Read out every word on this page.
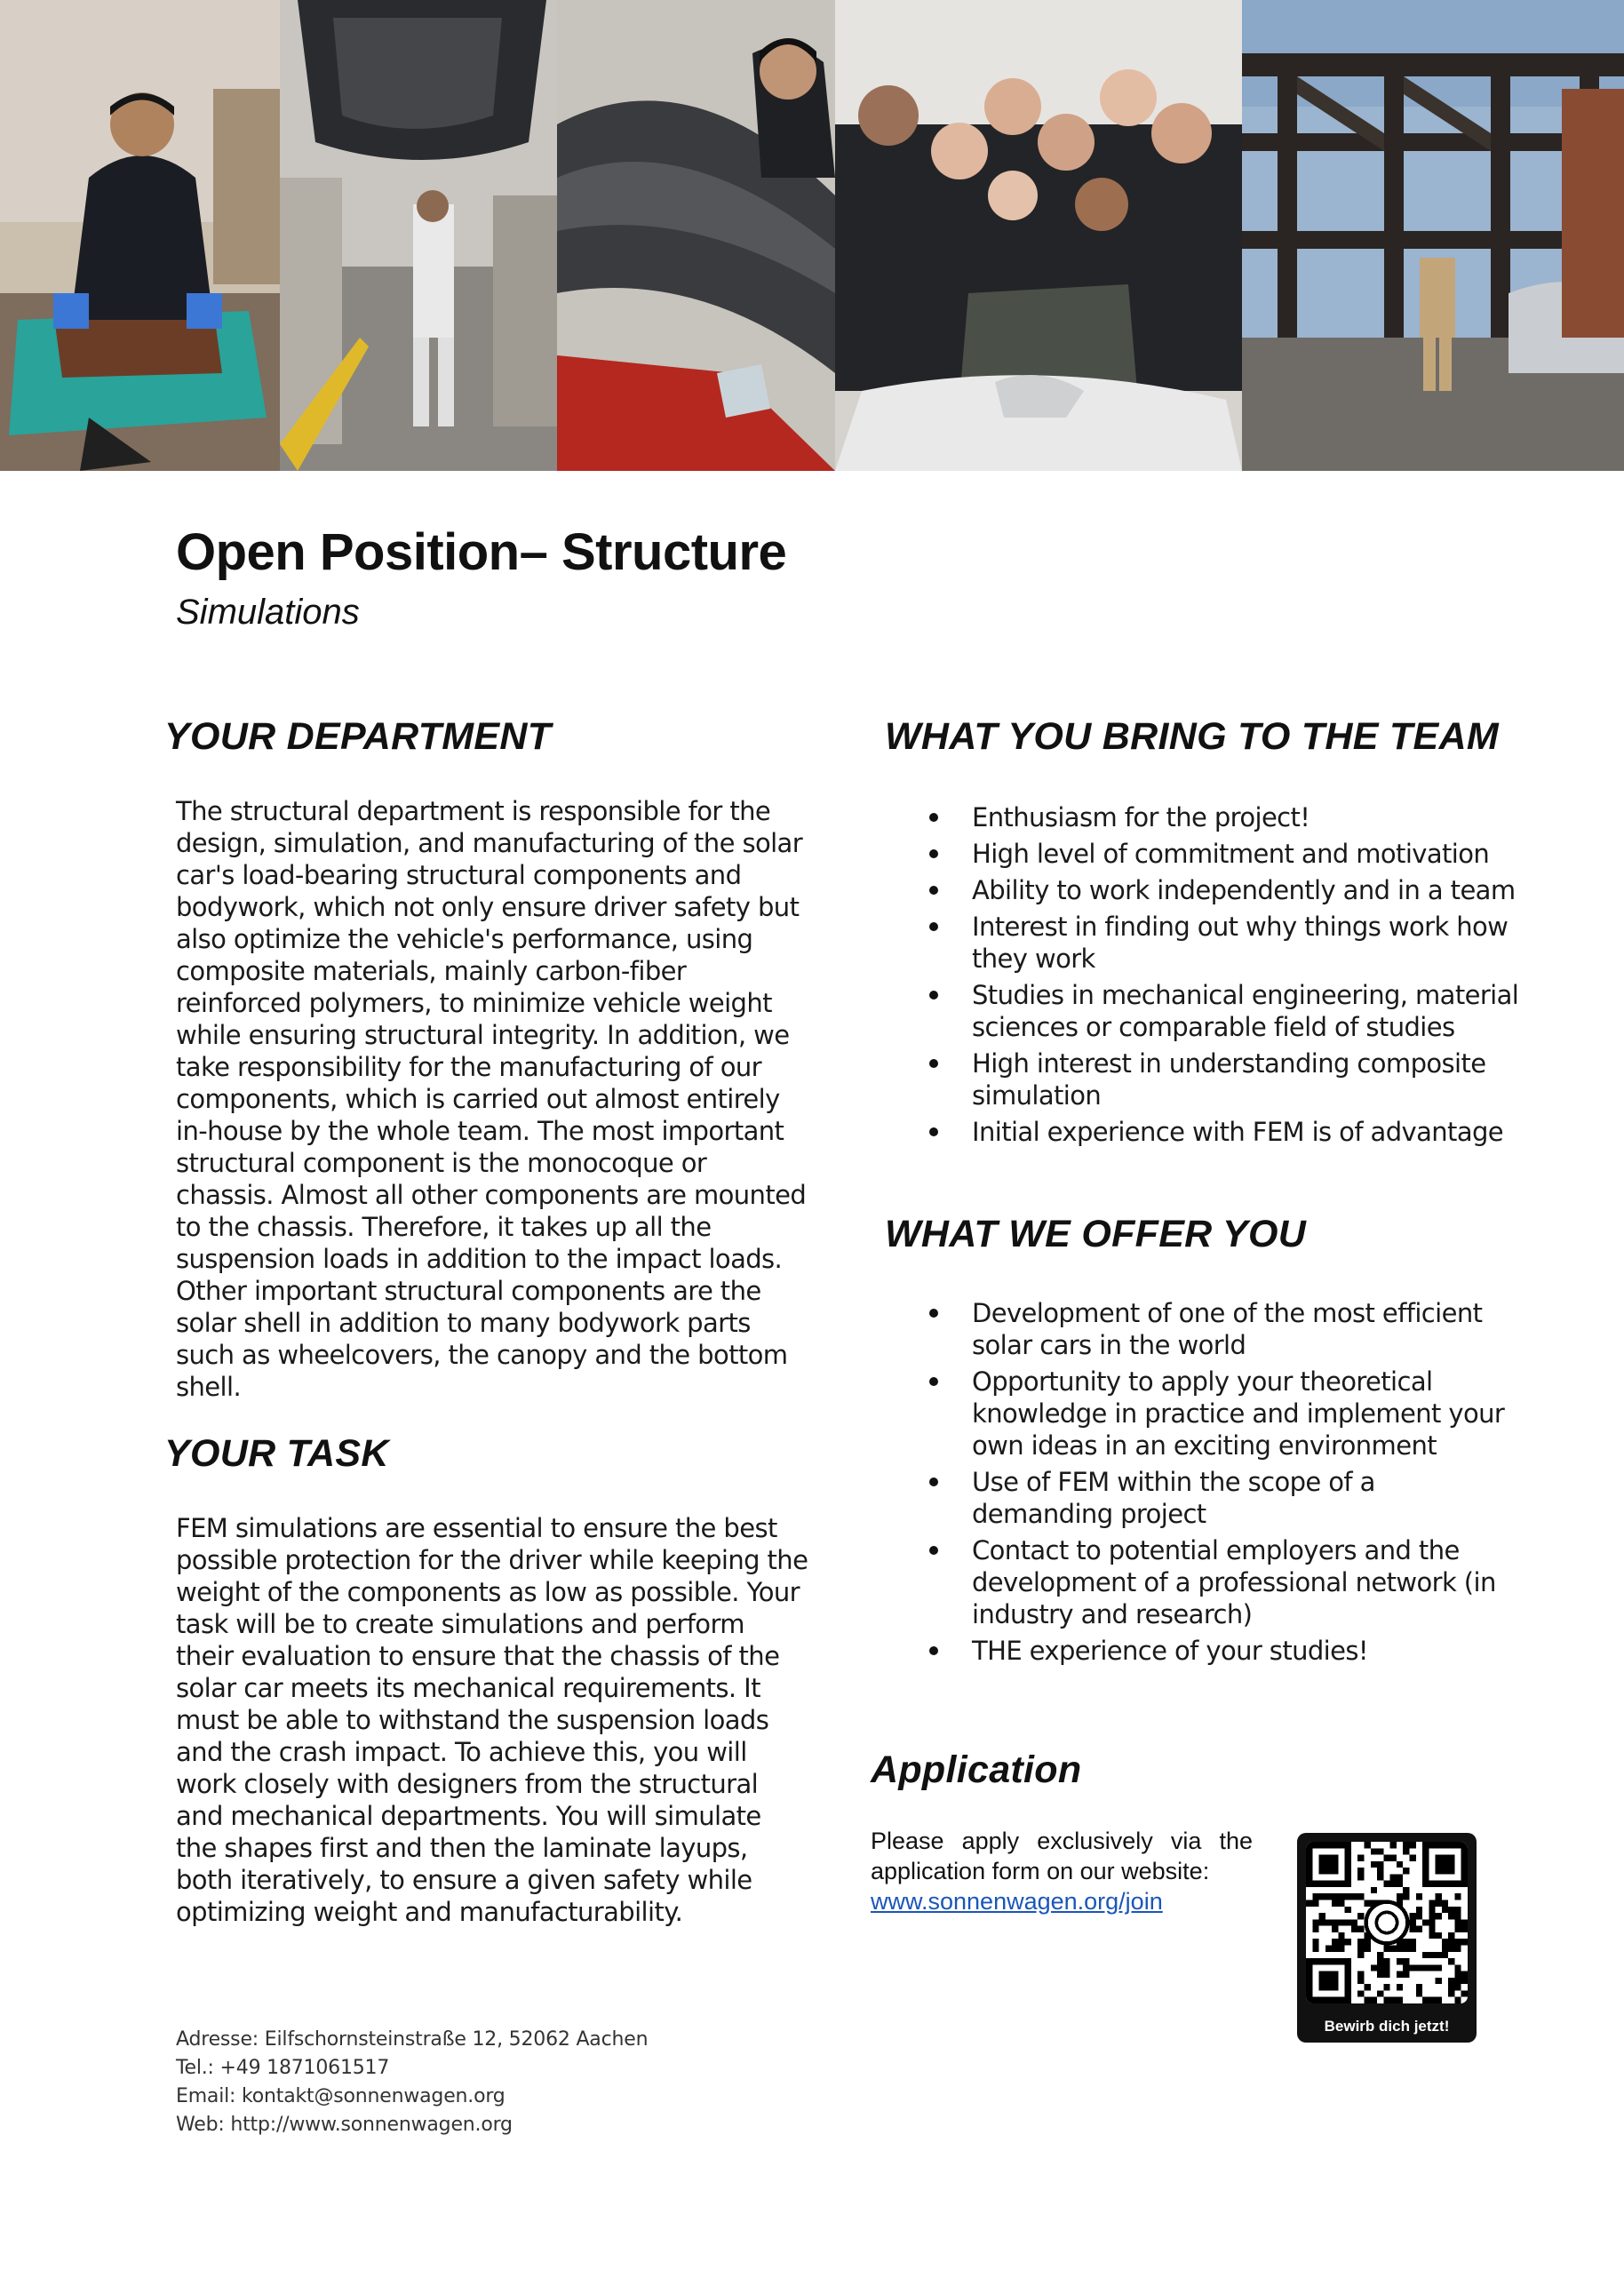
Open Position– Structure
Simulations
YOUR DEPARTMENT
The structural department is responsible for the design, simulation, and manufacturing of the solar car's load-bearing structural components and bodywork, which not only ensure driver safety but also optimize the vehicle's performance, using composite materials, mainly carbon-fiber reinforced polymers, to minimize vehicle weight while ensuring structural integrity. In addition, we take responsibility for the manufacturing of our components, which is carried out almost entirely in-house by the whole team. The most important structural component is the monocoque or chassis. Almost all other components are mounted to the chassis. Therefore, it takes up all the suspension loads in addition to the impact loads. Other important structural components are the solar shell in addition to many bodywork parts such as wheelcovers, the canopy and the bottom shell.
YOUR TASK
FEM simulations are essential to ensure the best possible protection for the driver while keeping the weight of the components as low as possible. Your task will be to create simulations and perform their evaluation to ensure that the chassis of the solar car meets its mechanical requirements. It must be able to withstand the suspension loads and the crash impact. To achieve this, you will work closely with designers from the structural and mechanical departments. You will simulate the shapes first and then the laminate layups, both iteratively, to ensure a given safety while optimizing weight and manufacturability.
WHAT YOU BRING TO THE TEAM
Enthusiasm for the project!
High level of commitment and motivation
Ability to work independently and in a team
Interest in finding out why things work how they work
Studies in mechanical engineering, material sciences or comparable field of studies
High interest in understanding composite simulation
Initial experience with FEM is of advantage
WHAT WE OFFER YOU
Development of one of the most efficient solar cars in the world
Opportunity to apply your theoretical knowledge in practice and implement your own ideas in an exciting environment
Use of FEM within the scope of a demanding project
Contact to potential employers and the development of a professional network (in industry and research)
THE experience of your studies!
Application
Please apply exclusively via the application form on our website:
www.sonnenwagen.org/join
Bewirb dich jetzt!
Adresse: Eilfschornsteinstraße 12, 52062 Aachen
Tel.: +49 1871061517
Email: kontakt@sonnenwagen.org
Web: http://www.sonnenwagen.org
